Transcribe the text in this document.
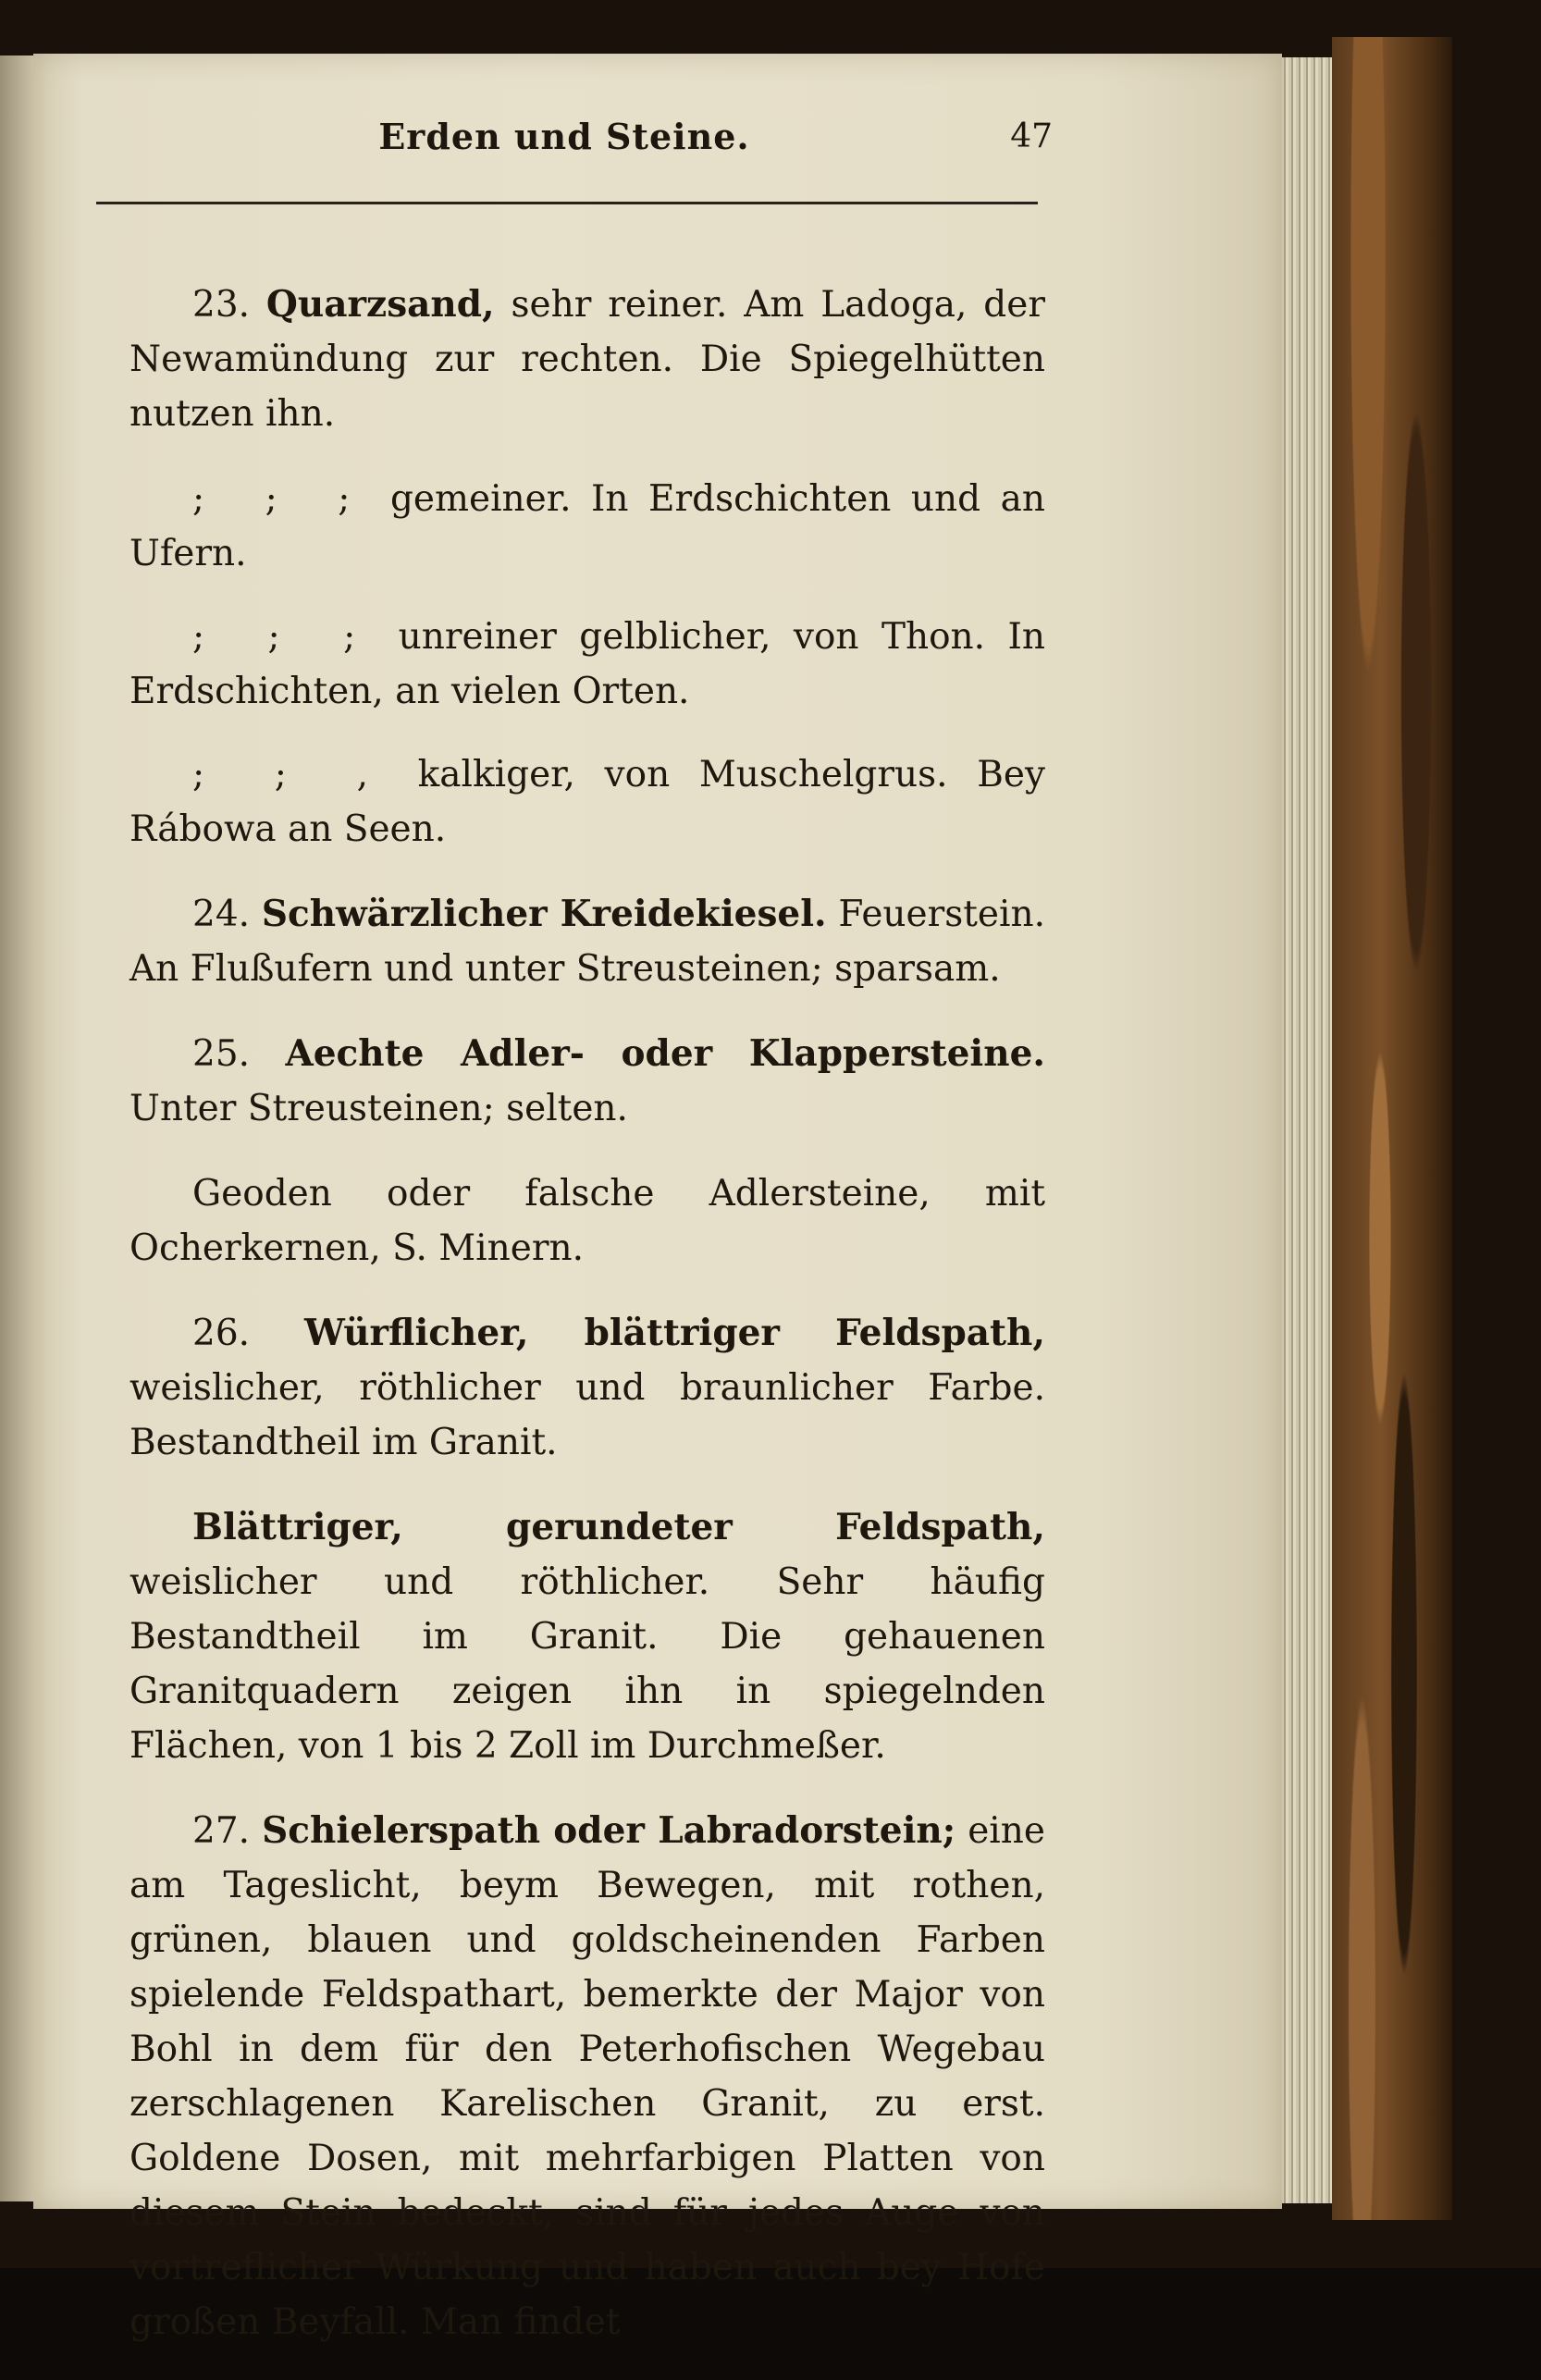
Erden und Steine.	47

23. Quarzsand, sehr reiner. Am Ladoga, der Newamündung zur rechten. Die Spiegelhütten nutzen ihn.

; ; ; gemeiner. In Erdschichten und an Ufern.

; ; ; unreiner gelblicher, von Thon. In Erdschichten, an vielen Orten.

; ; , kalkiger, von Muschelgrus. Bey Rábowa an Seen.

24. Schwärzlicher Kreidekiesel. Feuerstein. An Flußufern und unter Streusteinen; sparsam.

25. Aechte Adler- oder Klappersteine. Unter Streusteinen; selten.

Geoden oder falsche Adlersteine, mit Ocherkernen, S. Minern.

26. Würflicher, blättriger Feldspath, weislicher, röthlicher und braunlicher Farbe. Bestandtheil im Granit.

Blättriger, gerundeter Feldspath, weislicher und röthlicher. Sehr häufig Bestandtheil im Granit. Die gehauenen Granitquadern zeigen ihn in spiegelnden Flächen, von 1 bis 2 Zoll im Durchmeßer.

27. Schielerspath oder Labradorstein; eine am Tageslicht, beym Bewegen, mit rothen, grünen, blauen und goldscheinenden Farben spielende Feldspathart, bemerkte der Major von Bohl in dem für den Peterhofischen Wegebau zerschlagenen Karelischen Granit, zu erst. Goldene Dosen, mit mehrfarbigen Platten von diesem Stein bedeckt, sind für jedes Auge von vortreflicher Würkung und haben auch bey Hofe großen Beyfall. Man findet
